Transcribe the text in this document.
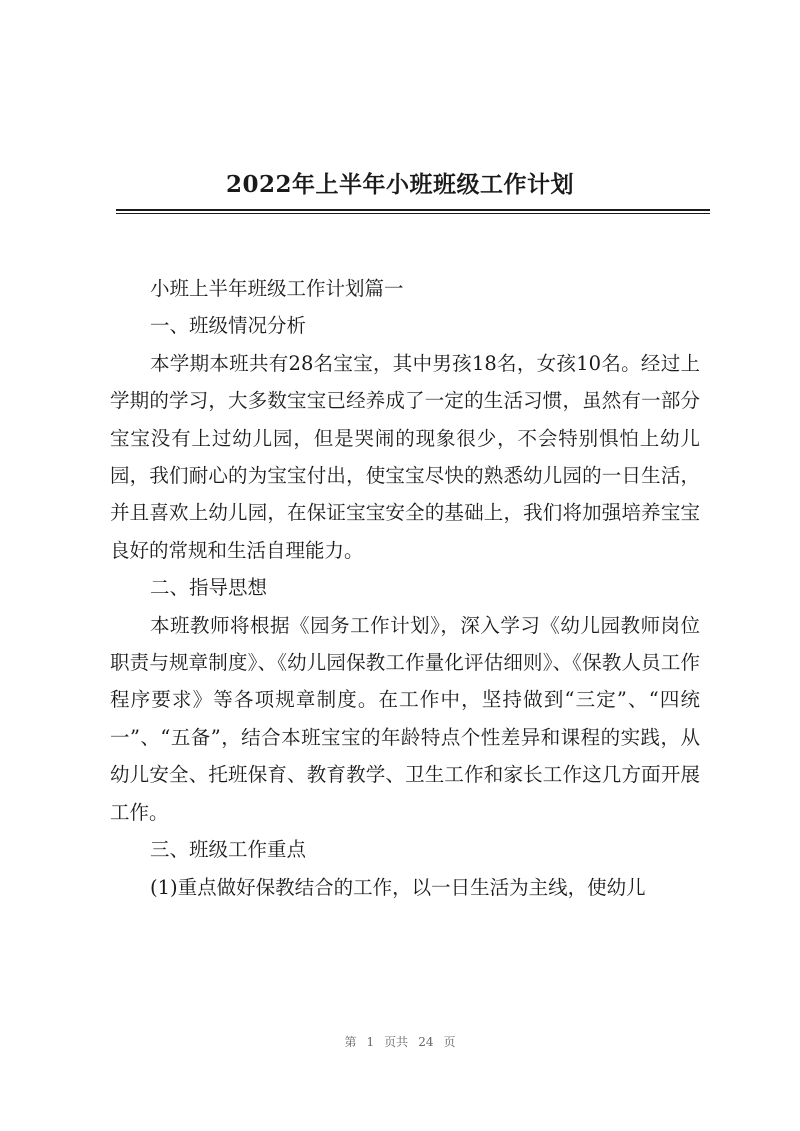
2022年上半年小班班级工作计划

小班上半年班级工作计划篇一

一、班级情况分析

本学期本班共有28名宝宝，其中男孩18名，女孩10名。经过上学期的学习，大多数宝宝已经养成了一定的生活习惯，虽然有一部分宝宝没有上过幼儿园，但是哭闹的现象很少，不会特别惧怕上幼儿园，我们耐心的为宝宝付出，使宝宝尽快的熟悉幼儿园的一日生活，并且喜欢上幼儿园，在保证宝宝安全的基础上，我们将加强培养宝宝良好的常规和生活自理能力。

二、指导思想

本班教师将根据《园务工作计划》，深入学习《幼儿园教师岗位职责与规章制度》、《幼儿园保教工作量化评估细则》、《保教人员工作程序要求》等各项规章制度。在工作中，坚持做到“三定”、“四统一”、“五备”，结合本班宝宝的年龄特点个性差异和课程的实践，从幼儿安全、托班保育、教育教学、卫生工作和家长工作这几方面开展工作。

三、班级工作重点

(1)重点做好保教结合的工作，以一日生活为主线，使幼儿

第 1 页共 24 页
